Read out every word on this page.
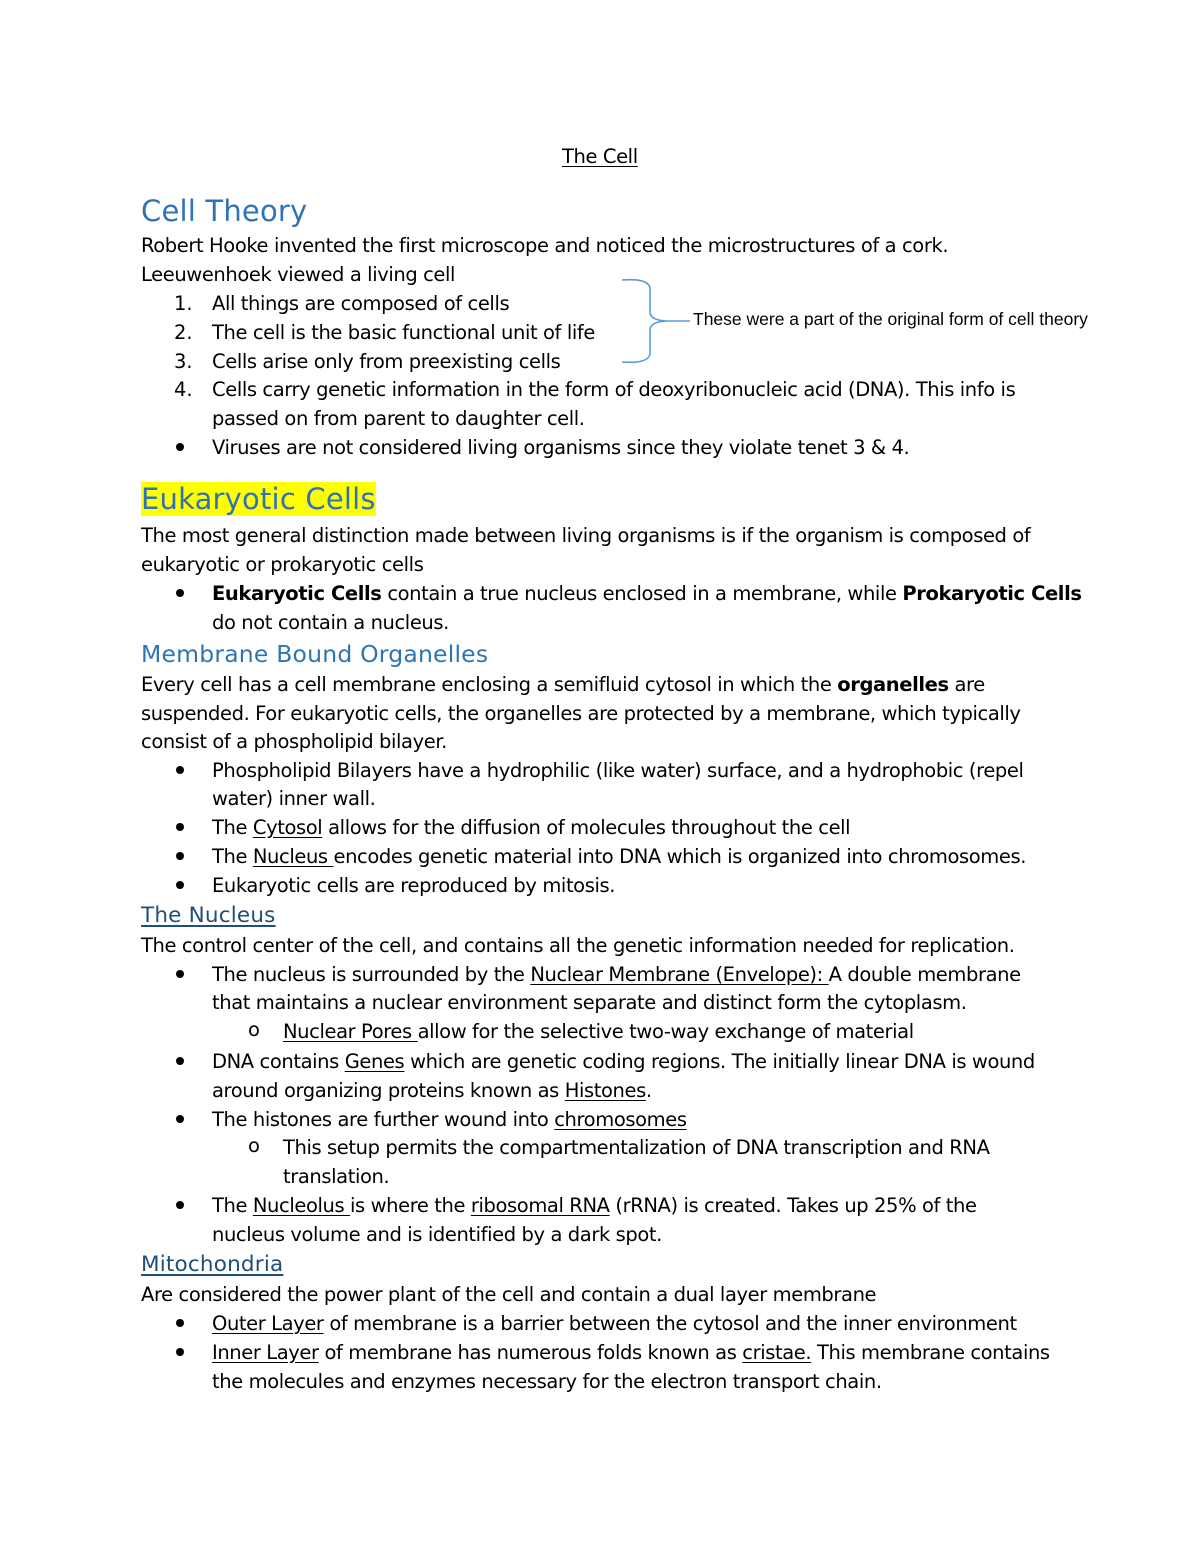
The Cell
Cell Theory
Robert Hooke invented the first microscope and noticed the microstructures of a cork.
Leeuwenhoek viewed a living cell
1. All things are composed of cells
2. The cell is the basic functional unit of life
3. Cells arise only from preexisting cells
4. Cells carry genetic information in the form of deoxyribonucleic acid (DNA). This info is
passed on from parent to daughter cell.
Viruses are not considered living organisms since they violate tenet 3 & 4.
These were a part of the original form of cell theory
Eukaryotic Cells
The most general distinction made between living organisms is if the organism is composed of
eukaryotic or prokaryotic cells
Eukaryotic Cells contain a true nucleus enclosed in a membrane, while Prokaryotic Cells
do not contain a nucleus.
Membrane Bound Organelles
Every cell has a cell membrane enclosing a semifluid cytosol in which the organelles are
suspended. For eukaryotic cells, the organelles are protected by a membrane, which typically
consist of a phospholipid bilayer.
Phospholipid Bilayers have a hydrophilic (like water) surface, and a hydrophobic (repel
water) inner wall.
The Cytosol allows for the diffusion of molecules throughout the cell
The Nucleus encodes genetic material into DNA which is organized into chromosomes.
Eukaryotic cells are reproduced by mitosis.
The Nucleus
The control center of the cell, and contains all the genetic information needed for replication.
The nucleus is surrounded by the Nuclear Membrane (Envelope): A double membrane
that maintains a nuclear environment separate and distinct form the cytoplasm.
o Nuclear Pores allow for the selective two-way exchange of material
DNA contains Genes which are genetic coding regions. The initially linear DNA is wound
around organizing proteins known as Histones.
The histones are further wound into chromosomes
o This setup permits the compartmentalization of DNA transcription and RNA
translation.
The Nucleolus is where the ribosomal RNA (rRNA) is created. Takes up 25% of the
nucleus volume and is identified by a dark spot.
Mitochondria
Are considered the power plant of the cell and contain a dual layer membrane
Outer Layer of membrane is a barrier between the cytosol and the inner environment
Inner Layer of membrane has numerous folds known as cristae. This membrane contains
the molecules and enzymes necessary for the electron transport chain.
